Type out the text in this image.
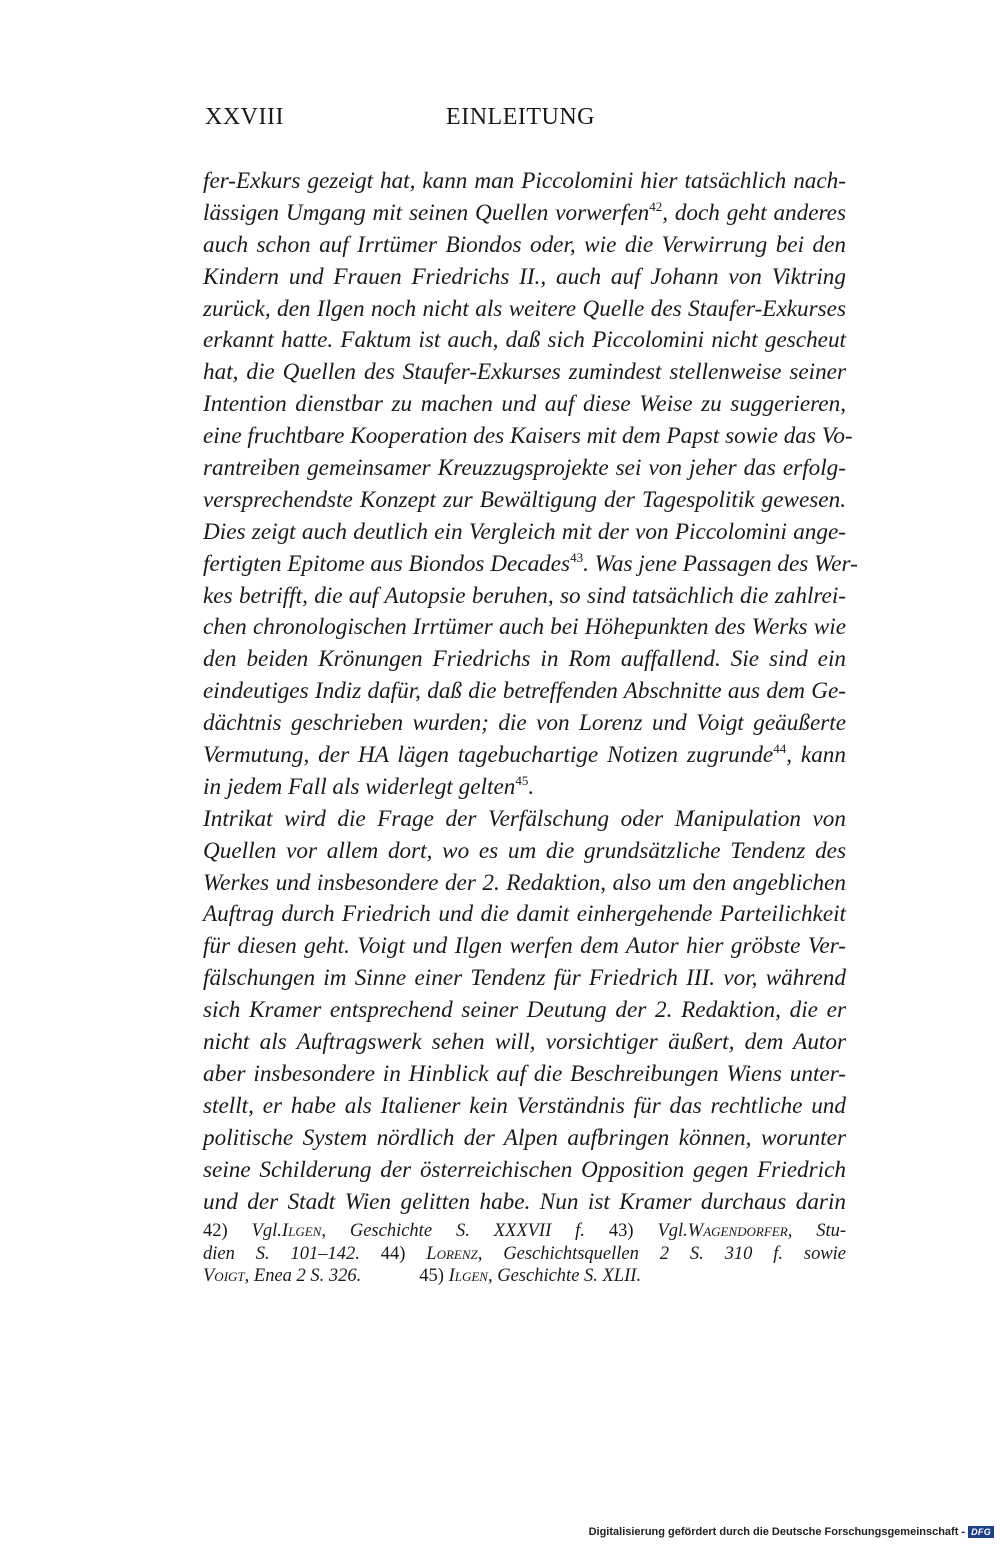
XXVIII	EINLEITUNG
fer-Exkurs gezeigt hat, kann man Piccolomini hier tatsächlich nach-
lässigen Umgang mit seinen Quellen vorwerfen$^{42}$, doch geht anderes
auch schon auf Irrtümer Biondos oder, wie die Verwirrung bei den
Kindern und Frauen Friedrichs II., auch auf Johann von Viktring
zurück, den Ilgen noch nicht als weitere Quelle des Staufer-Exkurses
erkannt hatte. Faktum ist auch, daß sich Piccolomini nicht gescheut
hat, die Quellen des Staufer-Exkurses zumindest stellenweise seiner
Intention dienstbar zu machen und auf diese Weise zu suggerieren,
eine fruchtbare Kooperation des Kaisers mit dem Papst sowie das Vo-
rantreiben gemeinsamer Kreuzzugsprojekte sei von jeher das erfolg-
versprechendste Konzept zur Bewältigung der Tagespolitik gewesen.
Dies zeigt auch deutlich ein Vergleich mit der von Piccolomini ange-
fertigten Epitome aus Biondos Decades$^{43}$. Was jene Passagen des Wer-
kes betrifft, die auf Autopsie beruhen, so sind tatsächlich die zahlrei-
chen chronologischen Irrtümer auch bei Höhepunkten des Werks wie
den beiden Krönungen Friedrichs in Rom auffallend. Sie sind ein
eindeutiges Indiz dafür, daß die betreffenden Abschnitte aus dem Ge-
dächtnis geschrieben wurden; die von Lorenz und Voigt geäußerte
Vermutung, der HA lägen tagebuchartige Notizen zugrunde$^{44}$, kann
in jedem Fall als widerlegt gelten$^{45}$.
Intrikat wird die Frage der Verfälschung oder Manipulation von
Quellen vor allem dort, wo es um die grundsätzliche Tendenz des
Werkes und insbesondere der 2. Redaktion, also um den angeblichen
Auftrag durch Friedrich und die damit einhergehende Parteilichkeit
für diesen geht. Voigt und Ilgen werfen dem Autor hier gröbste Ver-
fälschungen im Sinne einer Tendenz für Friedrich III. vor, während
sich Kramer entsprechend seiner Deutung der 2. Redaktion, die er
nicht als Auftragswerk sehen will, vorsichtiger äußert, dem Autor
aber insbesondere in Hinblick auf die Beschreibungen Wiens unter-
stellt, er habe als Italiener kein Verständnis für das rechtliche und
politische System nördlich der Alpen aufbringen können, worunter
seine Schilderung der österreichischen Opposition gegen Friedrich
und der Stadt Wien gelitten habe. Nun ist Kramer durchaus darin
42) Vgl.Ilgen, Geschichte S. XXXVII f. 43) Vgl.Wagendorfer, Stu-
dien S. 101–142. 44) Lorenz, Geschichtsquellen 2 S. 310 f. sowie
Voigt, Enea 2 S. 326.	45) Ilgen, Geschichte S. XLII.
Digitalisierung gefördert durch die Deutsche Forschungsgemeinschaft - DFG
